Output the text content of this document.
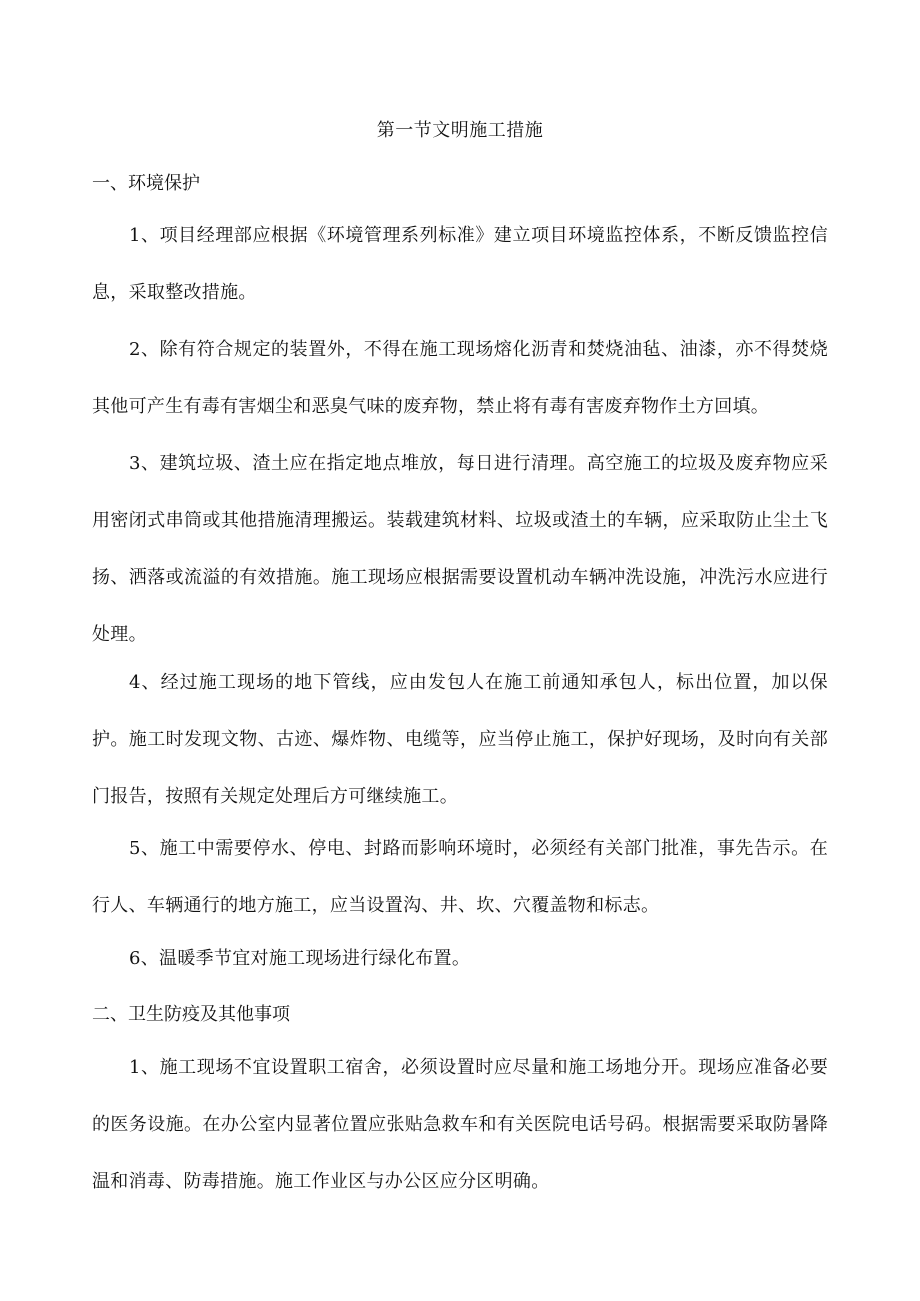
第一节文明施工措施
一、环境保护
1、项目经理部应根据《环境管理系列标准》建立项目环境监控体系，不断反馈监控信息，采取整改措施。
2、除有符合规定的装置外，不得在施工现场熔化沥青和焚烧油毡、油漆，亦不得焚烧其他可产生有毒有害烟尘和恶臭气味的废弃物，禁止将有毒有害废弃物作土方回填。
3、建筑垃圾、渣土应在指定地点堆放，每日进行清理。高空施工的垃圾及废弃物应采用密闭式串筒或其他措施清理搬运。装载建筑材料、垃圾或渣土的车辆，应采取防止尘土飞扬、洒落或流溢的有效措施。施工现场应根据需要设置机动车辆冲洗设施，冲洗污水应进行处理。
4、经过施工现场的地下管线，应由发包人在施工前通知承包人，标出位置，加以保护。施工时发现文物、古迹、爆炸物、电缆等，应当停止施工，保护好现场，及时向有关部门报告，按照有关规定处理后方可继续施工。
5、施工中需要停水、停电、封路而影响环境时，必须经有关部门批准，事先告示。在行人、车辆通行的地方施工，应当设置沟、井、坎、穴覆盖物和标志。
6、温暖季节宜对施工现场进行绿化布置。
二、卫生防疫及其他事项
1、施工现场不宜设置职工宿舍，必须设置时应尽量和施工场地分开。现场应准备必要的医务设施。在办公室内显著位置应张贴急救车和有关医院电话号码。根据需要采取防暑降温和消毒、防毒措施。施工作业区与办公区应分区明确。
